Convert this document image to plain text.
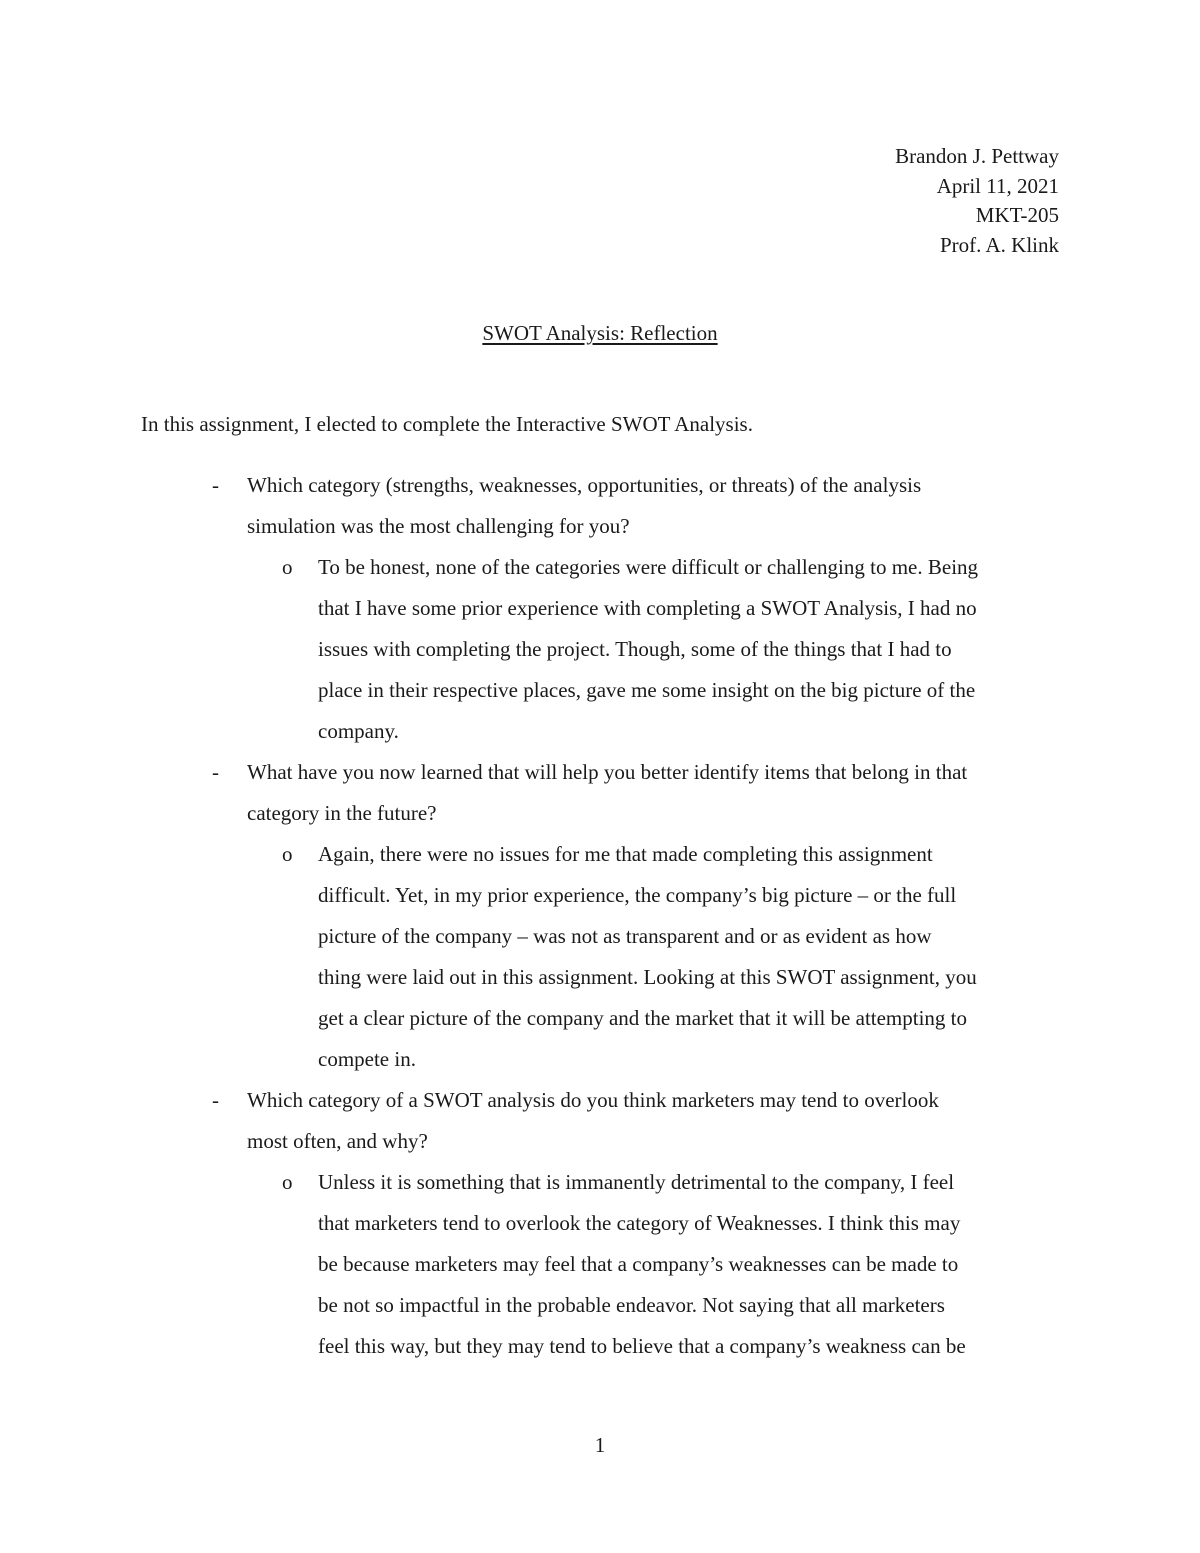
Brandon J. Pettway
April 11, 2021
MKT-205
Prof. A. Klink
SWOT Analysis: Reflection
In this assignment, I elected to complete the Interactive SWOT Analysis.
- Which category (strengths, weaknesses, opportunities, or threats) of the analysis
simulation was the most challenging for you?
o To be honest, none of the categories were difficult or challenging to me. Being
that I have some prior experience with completing a SWOT Analysis, I had no
issues with completing the project. Though, some of the things that I had to
place in their respective places, gave me some insight on the big picture of the
company.
- What have you now learned that will help you better identify items that belong in that
category in the future?
o Again, there were no issues for me that made completing this assignment
difficult. Yet, in my prior experience, the company’s big picture – or the full
picture of the company – was not as transparent and or as evident as how
thing were laid out in this assignment. Looking at this SWOT assignment, you
get a clear picture of the company and the market that it will be attempting to
compete in.
- Which category of a SWOT analysis do you think marketers may tend to overlook
most often, and why?
o Unless it is something that is immanently detrimental to the company, I feel
that marketers tend to overlook the category of Weaknesses. I think this may
be because marketers may feel that a company’s weaknesses can be made to
be not so impactful in the probable endeavor. Not saying that all marketers
feel this way, but they may tend to believe that a company’s weakness can be
1
